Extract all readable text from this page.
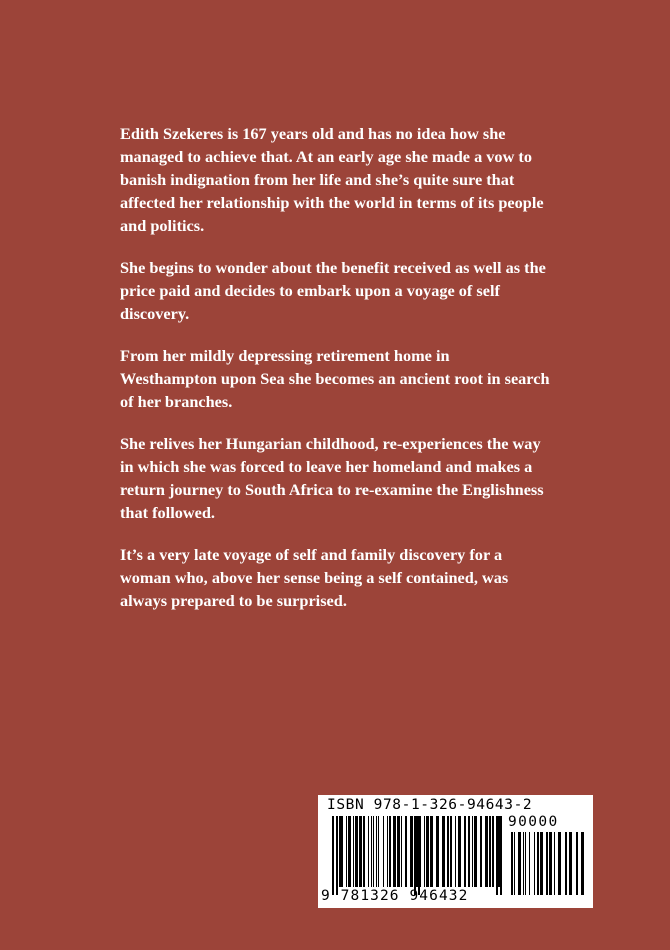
Edith Szekeres is 167 years old and has no idea how she managed to achieve that. At an early age she made a vow to banish indignation from her life and she’s quite sure that affected her relationship with the world in terms of its people and politics.

She begins to wonder about the benefit received as well as the price paid and decides to embark upon a voyage of self discovery.

From her mildly depressing retirement home in Westhampton upon Sea she becomes an ancient root in search of her branches.

She relives her Hungarian childhood, re-experiences the way in which she was forced to leave her homeland and makes a return journey to South Africa to re-examine the Englishness that followed.

It’s a very late voyage of self and family discovery for a woman who, above her sense being a self contained, was always prepared to be surprised.

ISBN 978-1-326-94643-2
90000
9 781326 946432
